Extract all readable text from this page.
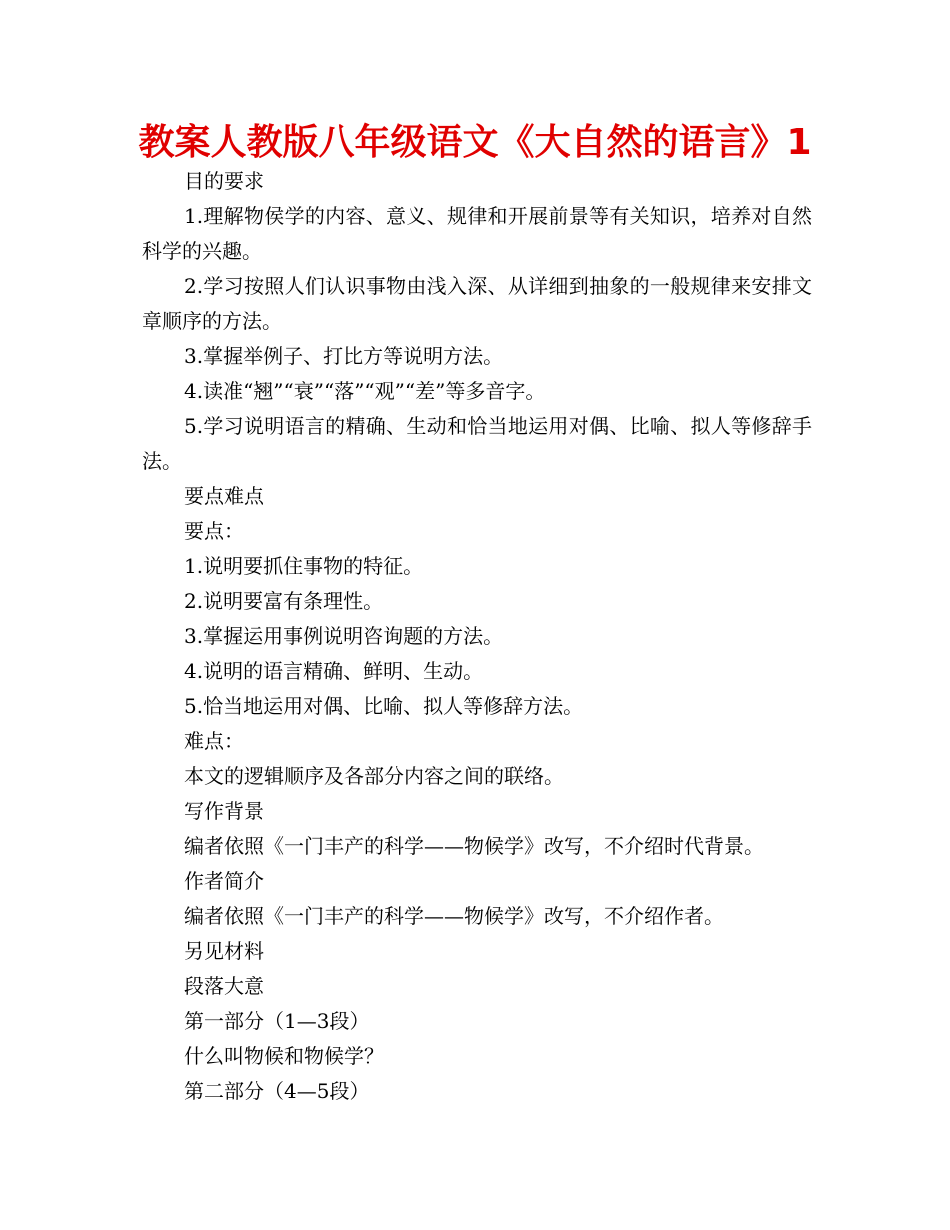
教案人教版八年级语文《大自然的语言》1

目的要求

1.理解物侯学的内容、意义、规律和开展前景等有关知识，培养对自然科学的兴趣。

2.学习按照人们认识事物由浅入深、从详细到抽象的一般规律来安排文章顺序的方法。

3.掌握举例子、打比方等说明方法。

4.读准“翘”“衰”“落”“观”“差”等多音字。

5.学习说明语言的精确、生动和恰当地运用对偶、比喻、拟人等修辞手法。

要点难点

要点：

1.说明要抓住事物的特征。

2.说明要富有条理性。

3.掌握运用事例说明咨询题的方法。

4.说明的语言精确、鲜明、生动。

5.恰当地运用对偶、比喻、拟人等修辞方法。

难点：

本文的逻辑顺序及各部分内容之间的联络。

写作背景

编者依照《一门丰产的科学——物候学》改写，不介绍时代背景。

作者简介

编者依照《一门丰产的科学——物候学》改写，不介绍作者。

另见材料

段落大意

第一部分（1—3段）

什么叫物候和物候学？

第二部分（4—5段）
